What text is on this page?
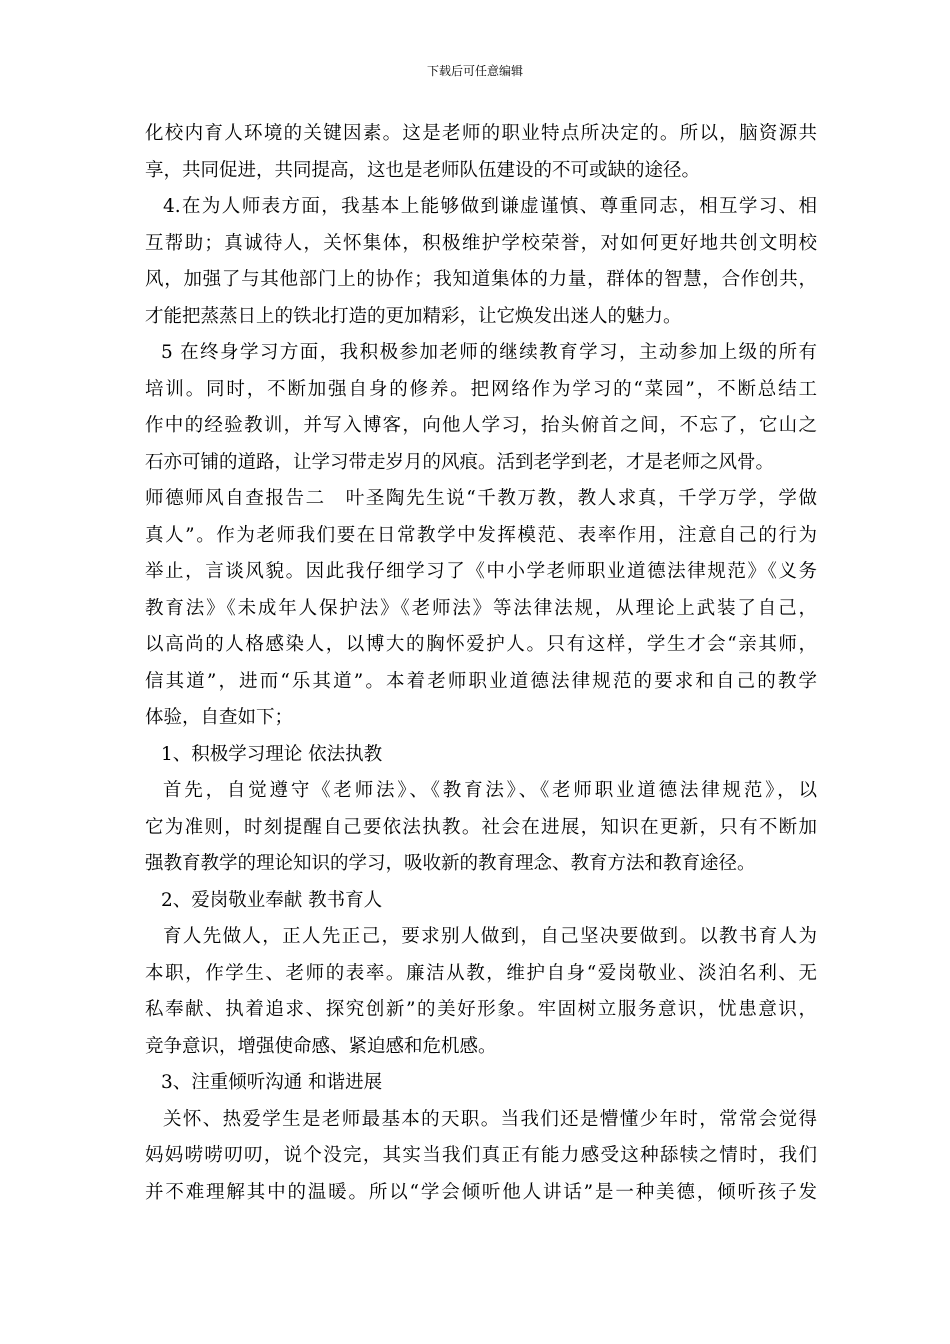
下载后可任意编辑
化校内育人环境的关键因素。这是老师的职业特点所决定的。所以，脑资源共
享，共同促进，共同提高，这也是老师队伍建设的不可或缺的途径。
4.在为人师表方面，我基本上能够做到谦虚谨慎、尊重同志，相互学习、相
互帮助；真诚待人，关怀集体，积极维护学校荣誉，对如何更好地共创文明校
风，加强了与其他部门上的协作；我知道集体的力量，群体的智慧，合作创共，
才能把蒸蒸日上的铁北打造的更加精彩，让它焕发出迷人的魅力。
5 在终身学习方面，我积极参加老师的继续教育学习，主动参加上级的所有
培训。同时，不断加强自身的修养。把网络作为学习的“菜园”，不断总结工
作中的经验教训，并写入博客，向他人学习，抬头俯首之间，不忘了，它山之
石亦可铺的道路，让学习带走岁月的风痕。活到老学到老，才是老师之风骨。
师德师风自查报告二　叶圣陶先生说“千教万教，教人求真，千学万学，学做
真人”。作为老师我们要在日常教学中发挥模范、表率作用，注意自己的行为
举止，言谈风貌。因此我仔细学习了《中小学老师职业道德法律规范》《义务
教育法》《未成年人保护法》《老师法》等法律法规，从理论上武装了自己，
以高尚的人格感染人，以博大的胸怀爱护人。只有这样，学生才会“亲其师，
信其道”，进而“乐其道”。本着老师职业道德法律规范的要求和自己的教学
体验，自查如下；
1、积极学习理论 依法执教
首先，自觉遵守《老师法》、《教育法》、《老师职业道德法律规范》，以
它为准则，时刻提醒自己要依法执教。社会在进展，知识在更新，只有不断加
强教育教学的理论知识的学习，吸收新的教育理念、教育方法和教育途径。
2、爱岗敬业奉献 教书育人
育人先做人，正人先正己，要求别人做到，自己坚决要做到。以教书育人为
本职，作学生、老师的表率。廉洁从教，维护自身“爱岗敬业、淡泊名利、无
私奉献、执着追求、探究创新”的美好形象。牢固树立服务意识，忧患意识，
竞争意识，增强使命感、紧迫感和危机感。
3、注重倾听沟通 和谐进展
关怀、热爱学生是老师最基本的天职。当我们还是懵懂少年时，常常会觉得
妈妈唠唠叨叨，说个没完，其实当我们真正有能力感受这种舔犊之情时，我们
并不难理解其中的温暖。所以“学会倾听他人讲话”是一种美德，倾听孩子发
